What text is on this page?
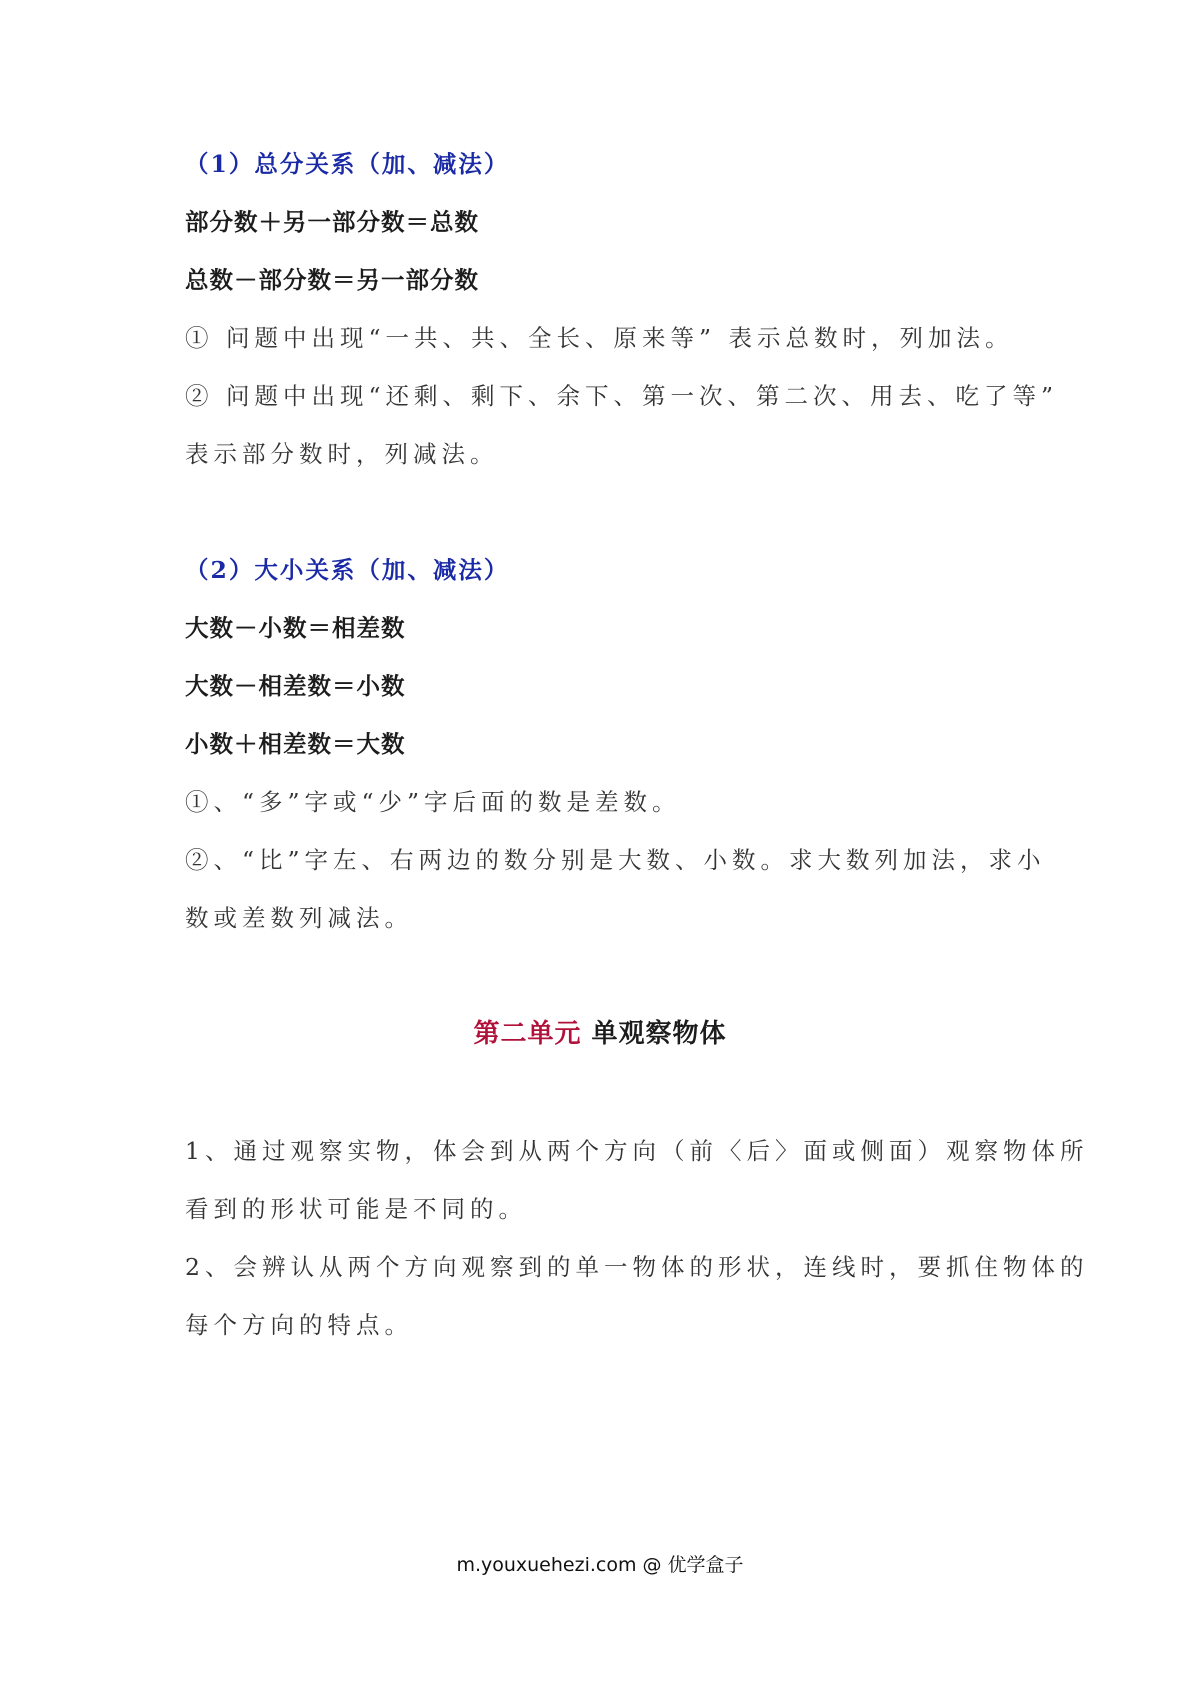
（1）总分关系（加、减法）
部分数＋另一部分数＝总数
总数－部分数＝另一部分数
① 问题中出现“一共、共、全长、原来等” 表示总数时，列加法。
② 问题中出现“还剩、剩下、余下、第一次、第二次、用去、吃了等”
表示部分数时，列减法。
（2）大小关系（加、减法）
大数－小数＝相差数
大数－相差数＝小数
小数＋相差数＝大数
①、“多”字或“少”字后面的数是差数。
②、“比”字左、右两边的数分别是大数、小数。求大数列加法，求小
数或差数列减法。
第二单元 单观察物体
1、通过观察实物，体会到从两个方向（前〈后〉面或侧面）观察物体所
看到的形状可能是不同的。
2、会辨认从两个方向观察到的单一物体的形状，连线时，要抓住物体的
每个方向的特点。
m.youxuehezi.com @ 优学盒子
